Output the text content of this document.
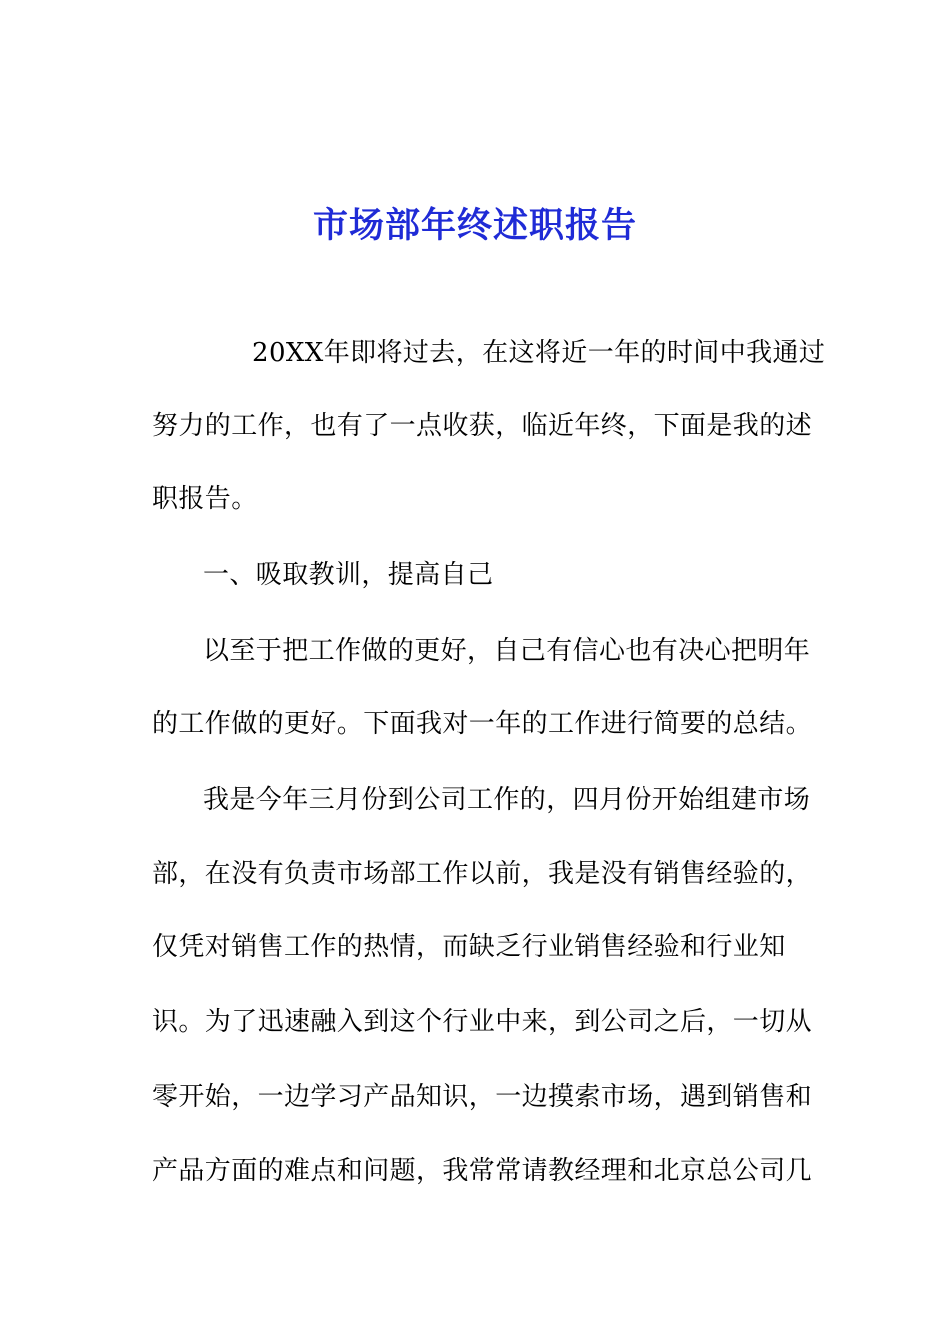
市场部年终述职报告
20XX年即将过去，在这将近一年的时间中我通过
努力的工作，也有了一点收获，临近年终，下面是我的述
职报告。
一、吸取教训，提高自己
以至于把工作做的更好，自己有信心也有决心把明年
的工作做的更好。下面我对一年的工作进行简要的总结。
我是今年三月份到公司工作的，四月份开始组建市场
部，在没有负责市场部工作以前，我是没有销售经验的，
仅凭对销售工作的热情，而缺乏行业销售经验和行业知
识。为了迅速融入到这个行业中来，到公司之后，一切从
零开始，一边学习产品知识，一边摸索市场，遇到销售和
产品方面的难点和问题，我常常请教经理和北京总公司几
